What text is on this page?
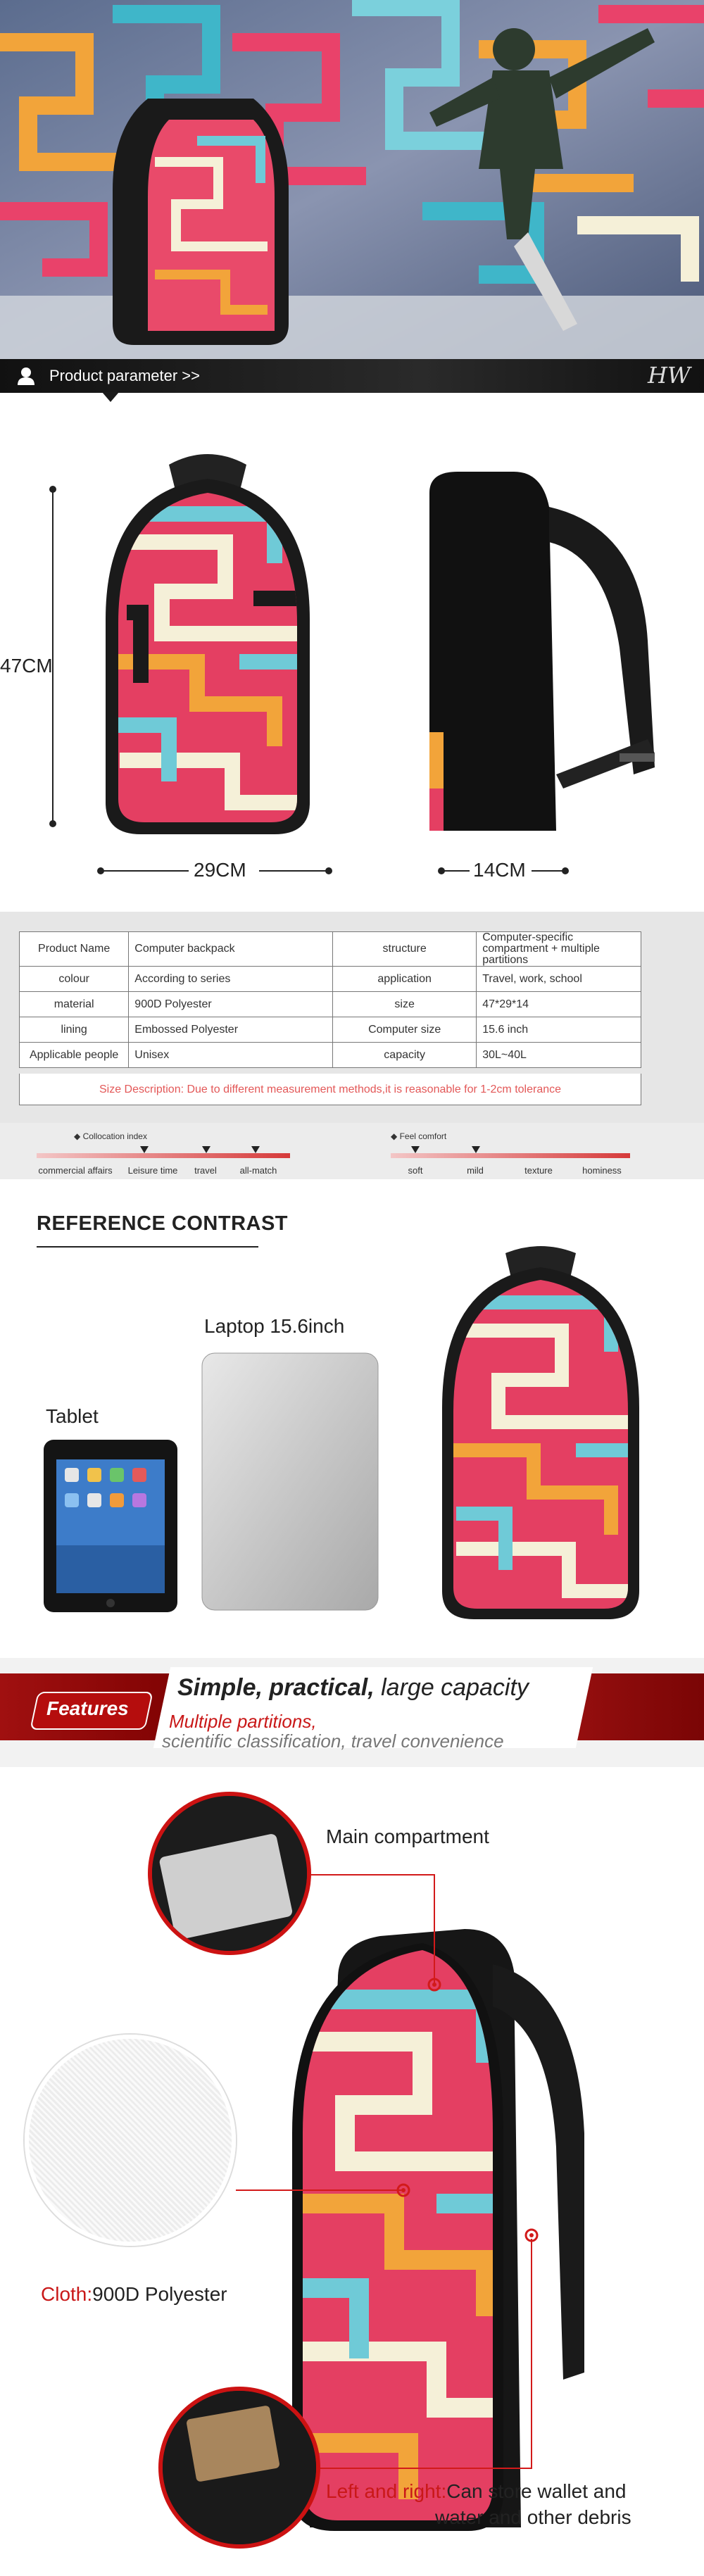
Product parameter >>	HW
47CM
29CM	14CM
Product Name	Computer backpack	structure	Computer-specific compartment + multiple partitions
colour	According to series	application	Travel, work, school
material	900D Polyester	size	47*29*14
lining	Embossed Polyester	Computer size	15.6 inch
Applicable people	Unisex	capacity	30L~40L
Size Description: Due to different measurement methods,it is reasonable for 1-2cm tolerance
◆ Collocation index
commercial affairs	Leisure time	travel	all-match
◆ Feel comfort
soft	mild	texture	hominess
REFERENCE CONTRAST
Laptop 15.6inch
Tablet
Features
Simple, practical, large capacity
Multiple partitions,
scientific classification, travel convenience
Main compartment
Cloth:900D Polyester
Left and right:Can store wallet and
water and other debris
